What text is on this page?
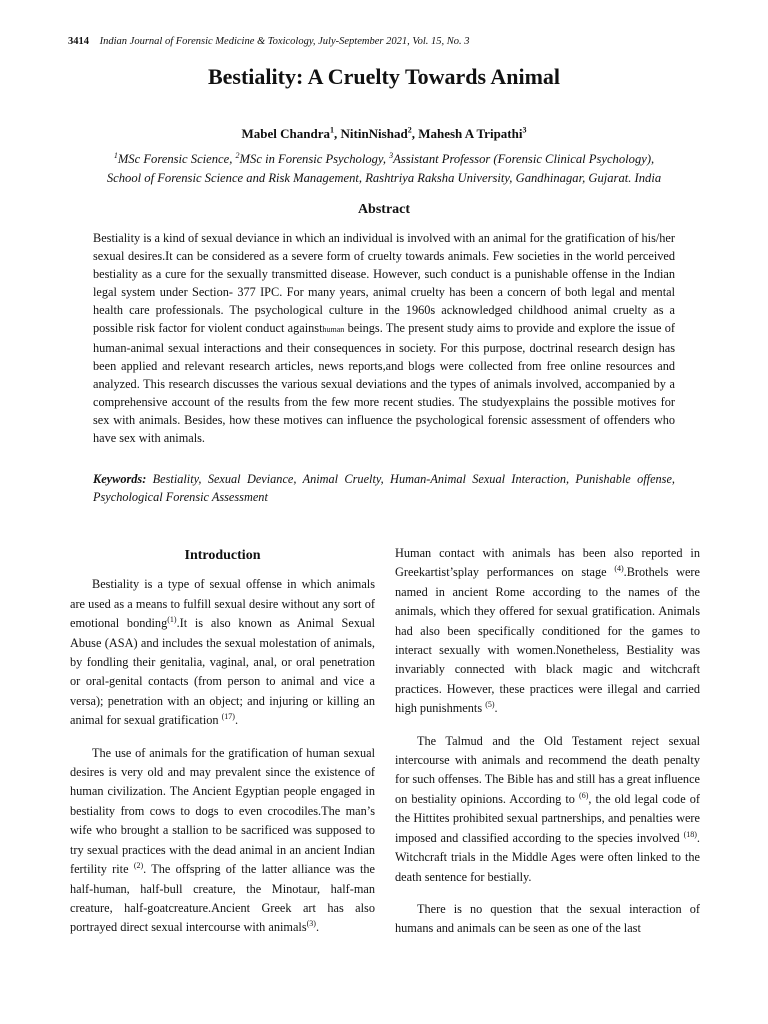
3414 Indian Journal of Forensic Medicine & Toxicology, July-September 2021, Vol. 15, No. 3
Bestiality: A Cruelty Towards Animal
Mabel Chandra$^1$, NitinNishad$^2$, Mahesh A Tripathi$^3$
$^1$MSc Forensic Science, $^2$MSc in Forensic Psychology, $^3$Assistant Professor (Forensic Clinical Psychology),
School of Forensic Science and Risk Management, Rashtriya Raksha University, Gandhinagar, Gujarat. India
Abstract
Bestiality is a kind of sexual deviance in which an individual is involved with an animal for the gratification of his/her sexual desires.It can be considered as a severe form of cruelty towards animals. Few societies in the world perceived bestiality as a cure for the sexually transmitted disease. However, such conduct is a punishable offense in the Indian legal system under Section- 377 IPC. For many years, animal cruelty has been a concern of both legal and mental health care professionals. The psychological culture in the 1960s acknowledged childhood animal cruelty as a possible risk factor for violent conduct againsthuman beings. The present study aims to provide and explore the issue of human-animal sexual interactions and their consequences in society. For this purpose, doctrinal research design has been applied and relevant research articles, news reports,and blogs were collected from free online resources and analyzed. This research discusses the various sexual deviations and the types of animals involved, accompanied by a comprehensive account of the results from the few more recent studies. The studyexplains the possible motives for sex with animals. Besides, how these motives can influence the psychological forensic assessment of offenders who have sex with animals.
Keywords: Bestiality, Sexual Deviance, Animal Cruelty, Human-Animal Sexual Interaction, Punishable offense, Psychological Forensic Assessment
Introduction

Bestiality is a type of sexual offense in which animals are used as a means to fulfill sexual desire without any sort of emotional bonding$^{(1)}$.It is also known as Animal Sexual Abuse (ASA) and includes the sexual molestation of animals, by fondling their genitalia, vaginal, anal, or oral penetration or oral-genital contacts (from person to animal and vice a versa); penetration with an object; and injuring or killing an animal for sexual gratification $^{(17)}$.

The use of animals for the gratification of human sexual desires is very old and may prevalent since the existence of human civilization. The Ancient Egyptian people engaged in bestiality from cows to dogs to even crocodiles.The man’s wife who brought a stallion to be sacrificed was supposed to try sexual practices with the dead animal in an ancient Indian fertility rite $^{(2)}$. The offspring of the latter alliance was the half-human, half-bull creature, the Minotaur, half-man creature, half-goatcreature.Ancient Greek art has also portrayed direct sexual intercourse with animals$^{(3)}$.

Human contact with animals has been also reported in Greekartist’splay performances on stage $^{(4)}$.Brothels were named in ancient Rome according to the names of the animals, which they offered for sexual gratification. Animals had also been specifically conditioned for the games to interact sexually with women.Nonetheless, Bestiality was invariably connected with black magic and witchcraft practices. However, these practices were illegal and carried high punishments $^{(5)}$.

The Talmud and the Old Testament reject sexual intercourse with animals and recommend the death penalty for such offenses. The Bible has and still has a great influence on bestiality opinions. According to $^{(6)}$, the old legal code of the Hittites prohibited sexual partnerships, and penalties were imposed and classified according to the species involved $^{(18)}$. Witchcraft trials in the Middle Ages were often linked to the death sentence for bestially.

There is no question that the sexual interaction of humans and animals can be seen as one of the last
